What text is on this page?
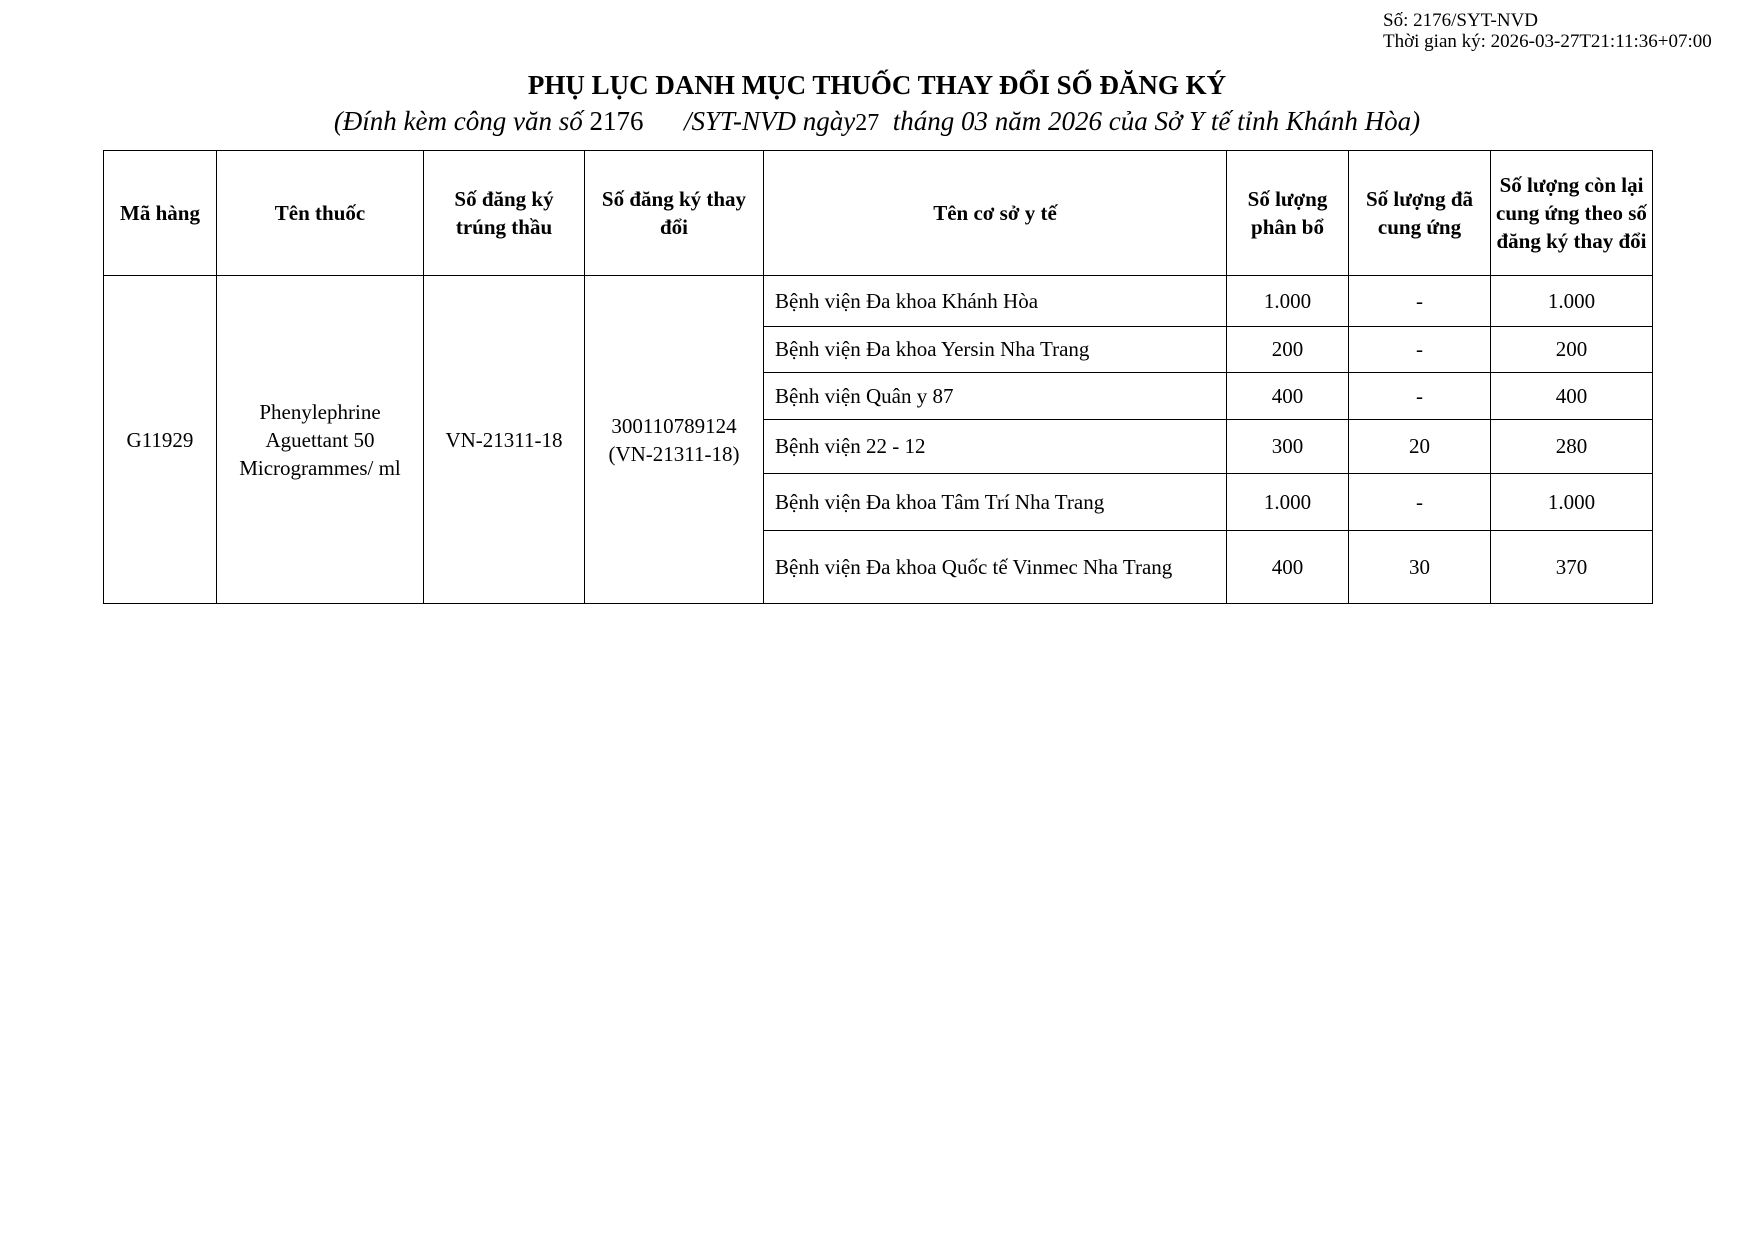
Số: 2176/SYT-NVD
Thời gian ký: 2026-03-27T21:11:36+07:00
PHỤ LỤC DANH MỤC THUỐC THAY ĐỔI SỐ ĐĂNG KÝ
(Đính kèm công văn số 2176      /SYT-NVD ngày27  tháng 03 năm 2026 của Sở Y tế tỉnh Khánh Hòa)
Mã hàng	Tên thuốc	Số đăng ký trúng thầu	Số đăng ký thay đổi	Tên cơ sở y tế	Số lượng phân bổ	Số lượng đã cung ứng	Số lượng còn lại cung ứng theo số đăng ký thay đổi
G11929	Phenylephrine Aguettant 50 Microgrammes/ ml	VN-21311-18	300110789124
(VN-21311-18)	Bệnh viện Đa khoa Khánh Hòa	1.000	-	1.000
				Bệnh viện Đa khoa Yersin Nha Trang	200	-	200
				Bệnh viện Quân y 87	400	-	400
				Bệnh viện 22 - 12	300	20	280
				Bệnh viện Đa khoa Tâm Trí Nha Trang	1.000	-	1.000
				Bệnh viện Đa khoa Quốc tế Vinmec Nha Trang	400	30	370
